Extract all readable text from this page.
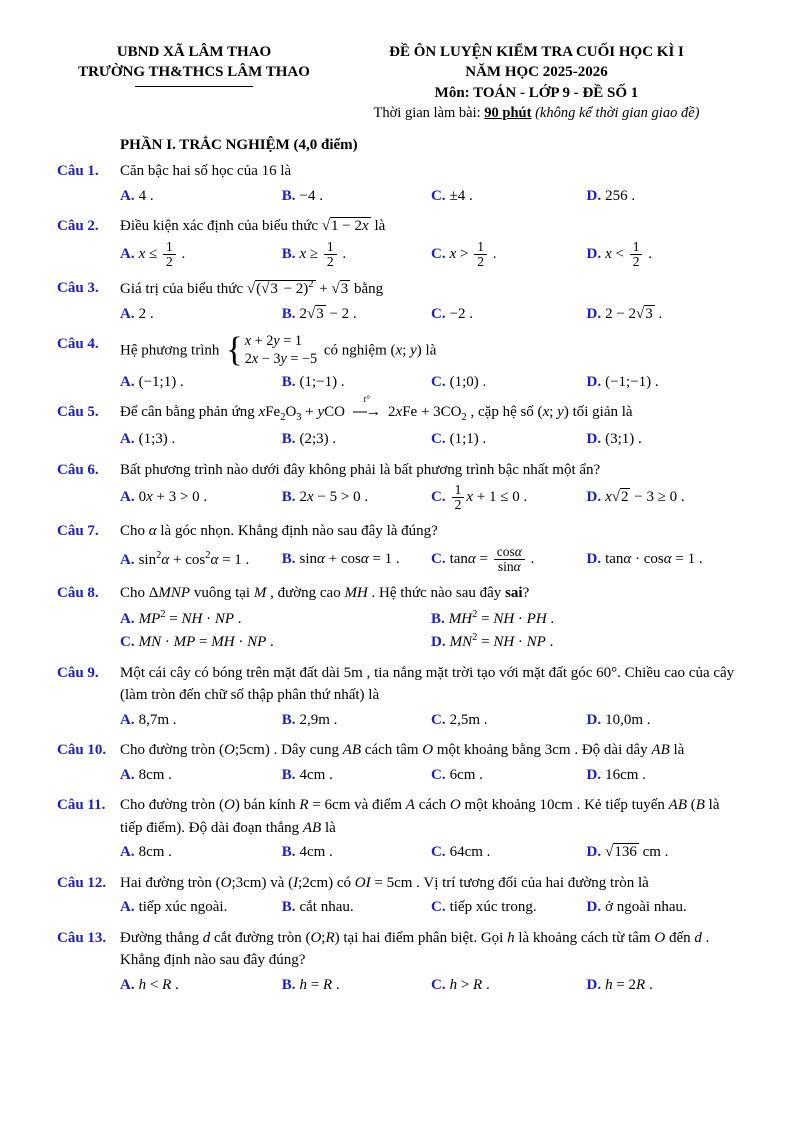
UBND XÃ LÂM THAO
TRƯỜNG TH&THCS LÂM THAO
ĐỀ ÔN LUYỆN KIỂM TRA CUỐI HỌC KÌ I
NĂM HỌC 2025-2026
Môn: TOÁN - LỚP 9 - ĐỀ SỐ 1
Thời gian làm bài: 90 phút (không kể thời gian giao đề)
PHẦN I. TRẮC NGHIỆM (4,0 điểm)
Câu 1.	Căn bậc hai số học của 16 là
A. 4 .	B. −4 .	C. ±4 .	D. 256 .
Câu 2.	Điều kiện xác định của biểu thức √1 − 2x là
A. $x \le \frac{1}{2}$ .	B. $x \ge \frac{1}{2}$ .	C. $x > \frac{1}{2}$ .	D. $x < \frac{1}{2}$ .
Câu 3.	Giá trị của biểu thức $√(√3 - 2)^2 + √3$ bằng
A. 2 .	B. 2√3 − 2 .	C. −2 .	D. 2 − 2√3 .
Câu 4.	Hệ phương trình { x + 2y = 1
2x − 3y = −5
có nghiệm (x; y) là
A. (−1;1) .	B. (1;−1) .	C. (1;0) .	D. (−1;−1) .
Câu 5.	Để cân bằng phản ứng $xFe_2O_3$ + yCO
t°
⎯⎯→ $2xFe + 3CO_2$ , cặp hệ số (x; y) tối giản là
A. (1;3) .	B. (2;3) .	C. (1;1) .	D. (3;1) .
Câu 6.	Bất phương trình nào dưới đây không phải là bất phương trình bậc nhất một ẩn?
A. 0x + 3 > 0 .	B. 2x − 5 > 0 .	C. $\frac{1}{2}$ x + 1 ≤ 0 .	D. x√2 − 3 ≥ 0 .
Câu 7.	Cho α là góc nhọn. Khẳng định nào sau đây là đúng?
A. $\sin^2\alpha + \cos^2\alpha = 1$ .	B. sinα + cosα = 1 .	C. $\tan\alpha = \frac{\cos\alpha}{\sin\alpha}$ .	D. tanα · cosα = 1 .
Câu 8.	Cho ΔMNP vuông tại M , đường cao MH . Hệ thức nào sau đây sai?
A. $MP^2$ = NH · NP .	B. $MH^2$ = NH · PH .
C. MN · MP = MH · NP .	D. $MN^2$ = NH · NP .
Câu 9.	Một cái cây có bóng trên mặt đất dài 5m , tia nắng mặt trời tạo với mặt đất góc 60°. Chiều cao của cây (làm tròn đến chữ số thập phân thứ nhất) là
A. 8,7m .	B. 2,9m .	C. 2,5m .	D. 10,0m .
Câu 10. Cho đường tròn (O;5cm) . Dây cung AB cách tâm O một khoảng bằng 3cm . Độ dài dây AB là
A. 8cm .	B. 4cm .	C. 6cm .	D. 16cm .
Câu 11. Cho đường tròn (O) bán kính R = 6cm và điểm A cách O một khoảng 10cm . Kẻ tiếp tuyến AB (B là tiếp điểm). Độ dài đoạn thẳng AB là
A. 8cm .	B. 4cm .	C. 64cm .	D. √136 cm .
Câu 12. Hai đường tròn (O;3cm) và (I;2cm) có OI = 5cm . Vị trí tương đối của hai đường tròn là
A. tiếp xúc ngoài.	B. cắt nhau.	C. tiếp xúc trong.	D. ở ngoài nhau.
Câu 13. Đường thẳng d cắt đường tròn (O;R) tại hai điểm phân biệt. Gọi h là khoảng cách từ tâm O đến d . Khẳng định nào sau đây đúng?
A. h < R .	B. h = R .	C. h > R .	D. h = 2R .
